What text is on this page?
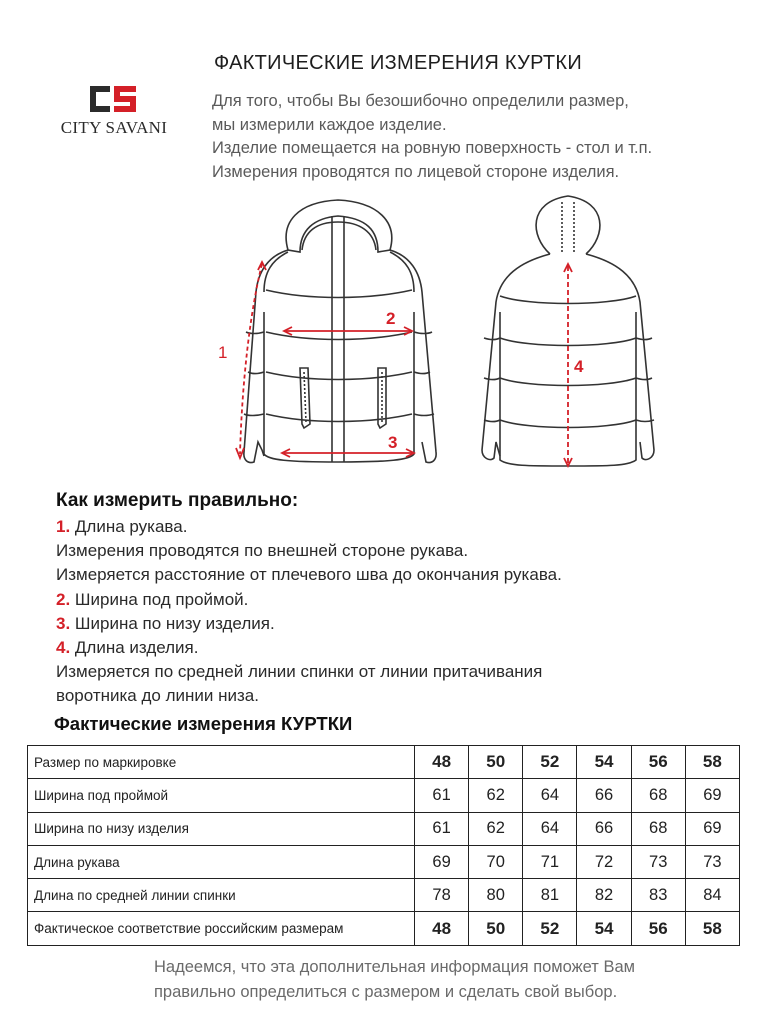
CITY SAVANI
ФАКТИЧЕСКИЕ ИЗМЕРЕНИЯ КУРТКИ
Для того, чтобы Вы безошибочно определили размер,
мы измерили каждое изделие.
Изделие помещается на ровную поверхность - стол и т.п.
Измерения проводятся по лицевой стороне изделия.
1
2
3
4
Как измерить правильно:
1. Длина рукава.
Измерения проводятся по внешней стороне рукава.
Измеряется расстояние от плечевого шва до окончания рукава.
2. Ширина под проймой.
3. Ширина по низу изделия.
4. Длина изделия.
Измеряется по средней линии спинки от линии притачивания
воротника до линии низа.
Фактические измерения КУРТКИ
Размер по маркировке	48	50	52	54	56	58
Ширина под проймой	61	62	64	66	68	69
Ширина по низу изделия	61	62	64	66	68	69
Длина рукава	69	70	71	72	73	73
Длина по средней линии спинки	78	80	81	82	83	84
Фактическое соответствие российским размерам	48	50	52	54	56	58
Надеемся, что эта дополнительная информация поможет Вам
правильно определиться с размером и сделать свой выбор.
